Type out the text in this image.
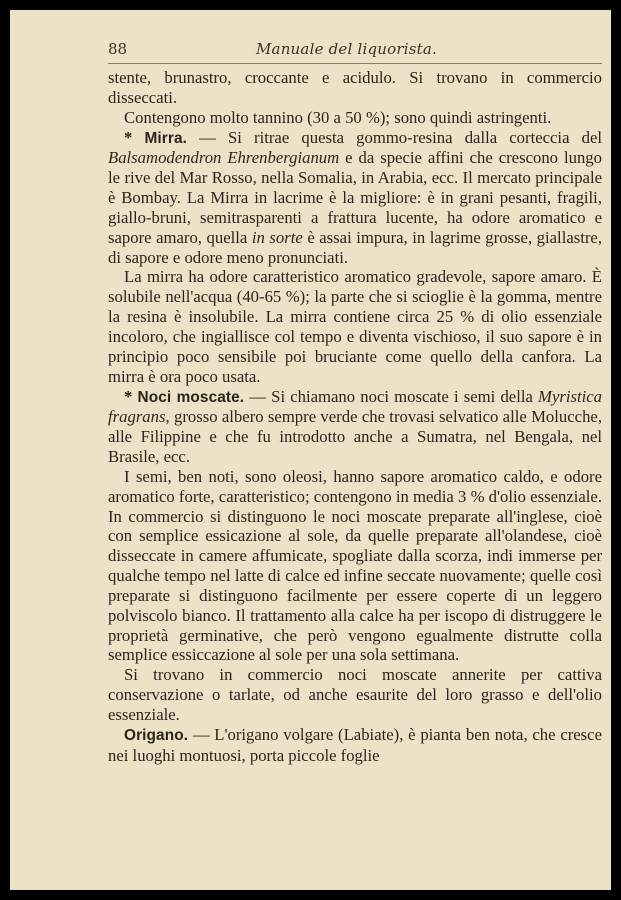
88	Manuale del liquorista.

stente, brunastro, croccante e acidulo. Si trovano in commercio disseccati.

Contengono molto tannino (30 a 50 %); sono quindi astringenti.

* Mirra. — Si ritrae questa gommo-resina dalla corteccia del Balsamodendron Ehrenbergianum e da specie affini che crescono lungo le rive del Mar Rosso, nella Somalia, in Arabia, ecc. Il mercato principale è Bombay. La Mirra in lacrime è la migliore: è in grani pesanti, fragili, giallo-bruni, semitrasparenti a frattura lucente, ha odore aromatico e sapore amaro, quella in sorte è assai impura, in lagrime grosse, giallastre, di sapore e odore meno pronunciati.

La mirra ha odore caratteristico aromatico gradevole, sapore amaro. È solubile nell'acqua (40-65 %); la parte che si scioglie è la gomma, mentre la resina è insolubile. La mirra contiene circa 25 % di olio essenziale incoloro, che ingiallisce col tempo e diventa vischioso, il suo sapore è in principio poco sensibile poi bruciante come quello della canfora. La mirra è ora poco usata.

* Noci moscate. — Si chiamano noci moscate i semi della Myristica fragrans, grosso albero sempre verde che trovasi selvatico alle Molucche, alle Filippine e che fu introdotto anche a Sumatra, nel Bengala, nel Brasile, ecc.

I semi, ben noti, sono oleosi, hanno sapore aromatico caldo, e odore aromatico forte, caratteristico; contengono in media 3 % d'olio essenziale. In commercio si distinguono le noci moscate preparate all'inglese, cioè con semplice essicazione al sole, da quelle preparate all'olandese, cioè disseccate in camere affumicate, spogliate dalla scorza, indi immerse per qualche tempo nel latte di calce ed infine seccate nuovamente; quelle così preparate si distinguono facilmente per essere coperte di un leggero polviscolo bianco. Il trattamento alla calce ha per iscopo di distruggere le proprietà germinative, che però vengono egualmente distrutte colla semplice essiccazione al sole per una sola settimana.

Si trovano in commercio noci moscate annerite per cattiva conservazione o tarlate, od anche esaurite del loro grasso e dell'olio essenziale.

Origano. — L'origano volgare (Labiate), è pianta ben nota, che cresce nei luoghi montuosi, porta piccole foglie
